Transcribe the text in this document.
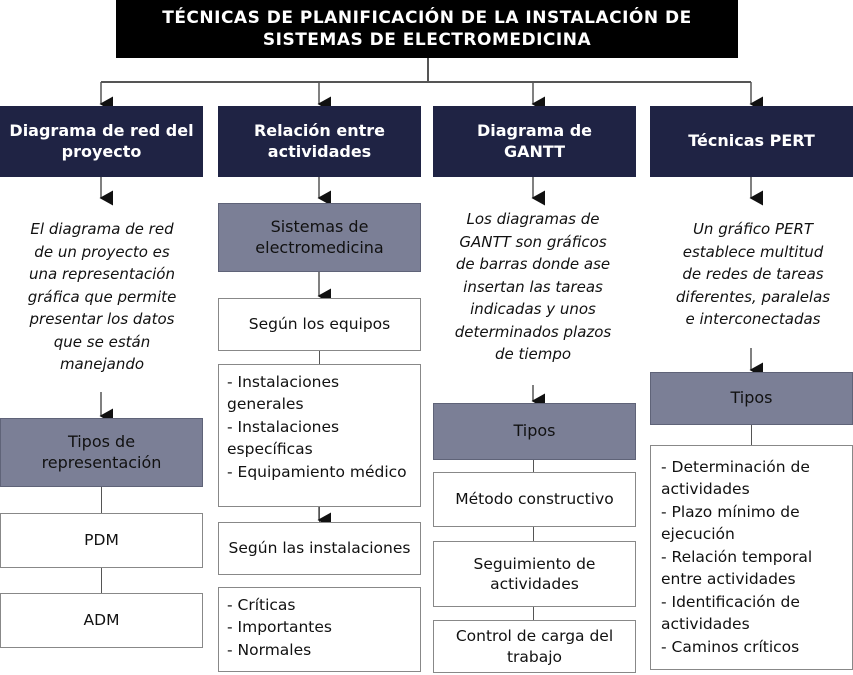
TÉCNICAS DE PLANIFICACIÓN DE LA INSTALACIÓN DE SISTEMAS DE ELECTROMEDICINA
Diagrama de red del proyecto
El diagrama de red de un proyecto es una representación gráfica que permite presentar los datos que se están manejando
Tipos de representación
PDM
ADM
Relación entre actividades
Sistemas de electromedicina
Según los equipos
- Instalaciones generales
- Instalaciones específicas
- Equipamiento médico
Según las instalaciones
- Críticas
- Importantes
- Normales
Diagrama de GANTT
Los diagramas de GANTT son gráficos de barras donde ase insertan las tareas indicadas y unos determinados plazos de tiempo
Tipos
Método constructivo
Seguimiento de actividades
Control de carga del trabajo
Técnicas PERT
Un gráfico PERT establece multitud de redes de tareas diferentes, paralelas e interconectadas
Tipos
- Determinación de actividades
- Plazo mínimo de ejecución
- Relación temporal entre actividades
- Identificación de actividades
- Caminos críticos
